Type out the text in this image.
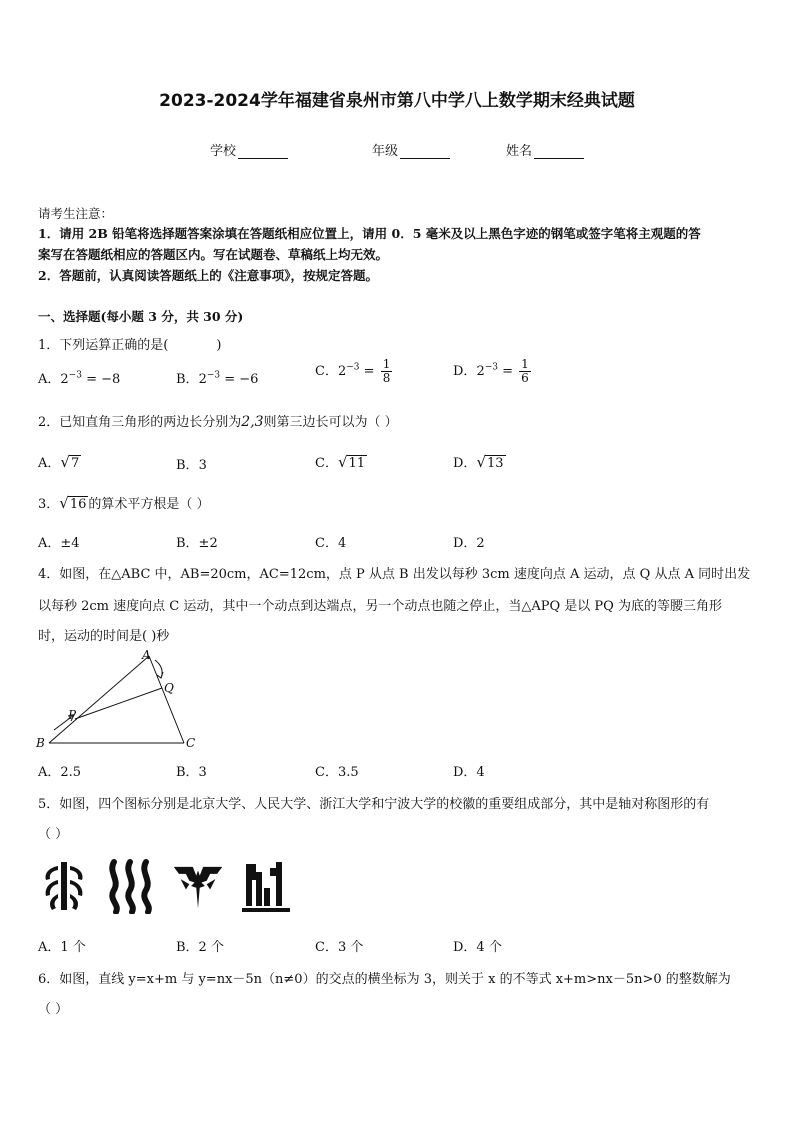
2023-2024学年福建省泉州市第八中学八上数学期末经典试题
学校	年级	姓名
请考生注意：
1．请用 2B 铅笔将选择题答案涂填在答题纸相应位置上，请用 0．5 毫米及以上黑色字迹的钢笔或签字笔将主观题的答
案写在答题纸相应的答题区内。写在试题卷、草稿纸上均无效。
2．答题前，认真阅读答题纸上的《注意事项》，按规定答题。
一、选择题(每小题 3 分，共 30 分)
1．下列运算正确的是(	)
A．$2^{-3} = -8$	B．$2^{-3} = -6$
C．$2^{-3} = \frac{1}{8}$	D．$2^{-3} = \frac{1}{6}$
2．已知直角三角形的两边长分别为2,3则第三边长可以为（ ）
A．√7	B．3	C．√11	D．√13
3．√16 的算术平方根是（ ）
A．±4	B．±2	C．4	D．2
4．如图，在△ABC 中，AB=20cm，AC=12cm，点 P 从点 B 出发以每秒 3cm 速度向点 A 运动，点 Q 从点 A 同时出发
以每秒 2cm 速度向点 C 运动，其中一个动点到达端点，另一个动点也随之停止，当△APQ 是以 PQ 为底的等腰三角形
时，运动的时间是( )秒
A
B	C
P
Q
A．2.5	B．3	C．3.5	D．4
5．如图，四个图标分别是北京大学、人民大学、浙江大学和宁波大学的校徽的重要组成部分，其中是轴对称图形的有
（ ）
A．1 个	B．2 个	C．3 个	D．4 个
6．如图，直线 y=x+m 与 y=nx－5n（n≠0）的交点的横坐标为 3，则关于 x 的不等式 x+m>nx－5n>0 的整数解为
（ ）
